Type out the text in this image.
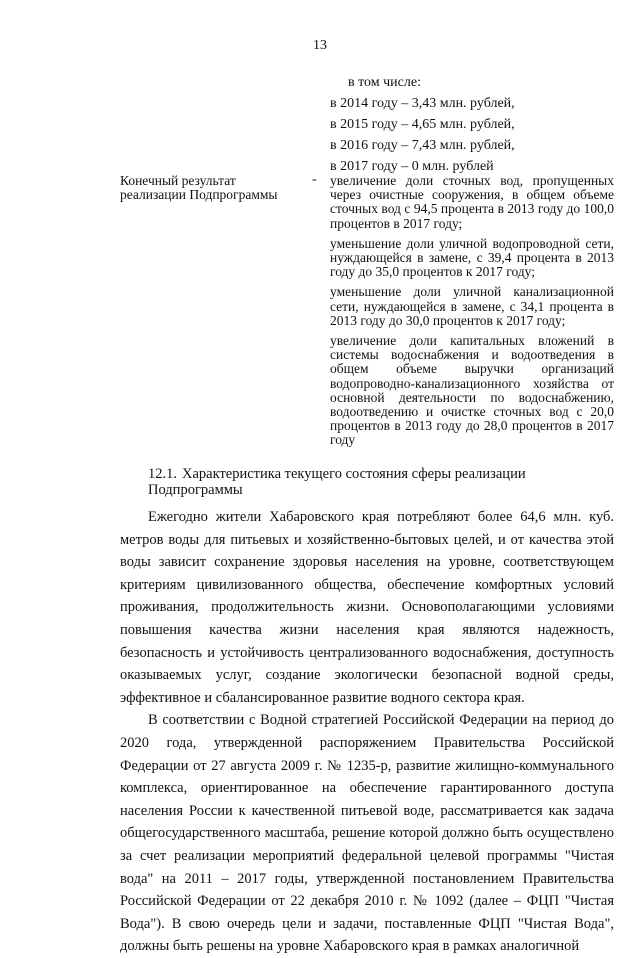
13
в том числе:
в 2014 году – 3,43 млн. рублей,
в 2015 году – 4,65 млн. рублей,
в 2016 году – 7,43 млн. рублей,
в 2017 году – 0 млн. рублей
Конечный результат реализации Подпрограммы
- увеличение доли сточных вод, пропущенных через очистные сооружения, в общем объеме сточных вод с 94,5 процента в 2013 году до 100,0 процентов в 2017 году;

уменьшение доли уличной водопроводной сети, нуждающейся в замене, с 39,4 процента в 2013 году до 35,0 процентов к 2017 году;

уменьшение доли уличной канализационной сети, нуждающейся в замене, с 34,1 процента в 2013 году до 30,0 процентов к 2017 году;

увеличение доли капитальных вложений в системы водоснабжения и водоотведения в общем объеме выручки организаций водопроводно-канализационного хозяйства от основной деятельности по водоснабжению, водоотведению и очистке сточных вод с 20,0 процентов в 2013 году до 28,0 процентов в 2017 году

12.1. Характеристика текущего состояния сферы реализации Подпрограммы

Ежегодно жители Хабаровского края потребляют более 64,6 млн. куб. метров воды для питьевых и хозяйственно-бытовых целей, и от качества этой воды зависит сохранение здоровья населения на уровне, соответствующем критериям цивилизованного общества, обеспечение комфортных условий проживания, продолжительность жизни. Основополагающими условиями повышения качества жизни населения края являются надежность, безопасность и устойчивость централизованного водоснабжения, доступность оказываемых услуг, создание экологически безопасной водной среды, эффективное и сбалансированное развитие водного сектора края.

В соответствии с Водной стратегией Российской Федерации на период до 2020 года, утвержденной распоряжением Правительства Российской Федерации от 27 августа 2009 г. № 1235-р, развитие жилищно-коммунального комплекса, ориентированное на обеспечение гарантированного доступа населения России к качественной питьевой воде, рассматривается как задача общегосударственного масштаба, решение которой должно быть осуществлено за счет реализации мероприятий федеральной целевой программы "Чистая вода" на 2011 – 2017 годы, утвержденной постановлением Правительства Российской Федерации от 22 декабря 2010 г. № 1092 (далее – ФЦП "Чистая Вода"). В свою очередь цели и задачи, поставленные ФЦП "Чистая Вода", должны быть решены на уровне Хабаровского края в рамках аналогичной
